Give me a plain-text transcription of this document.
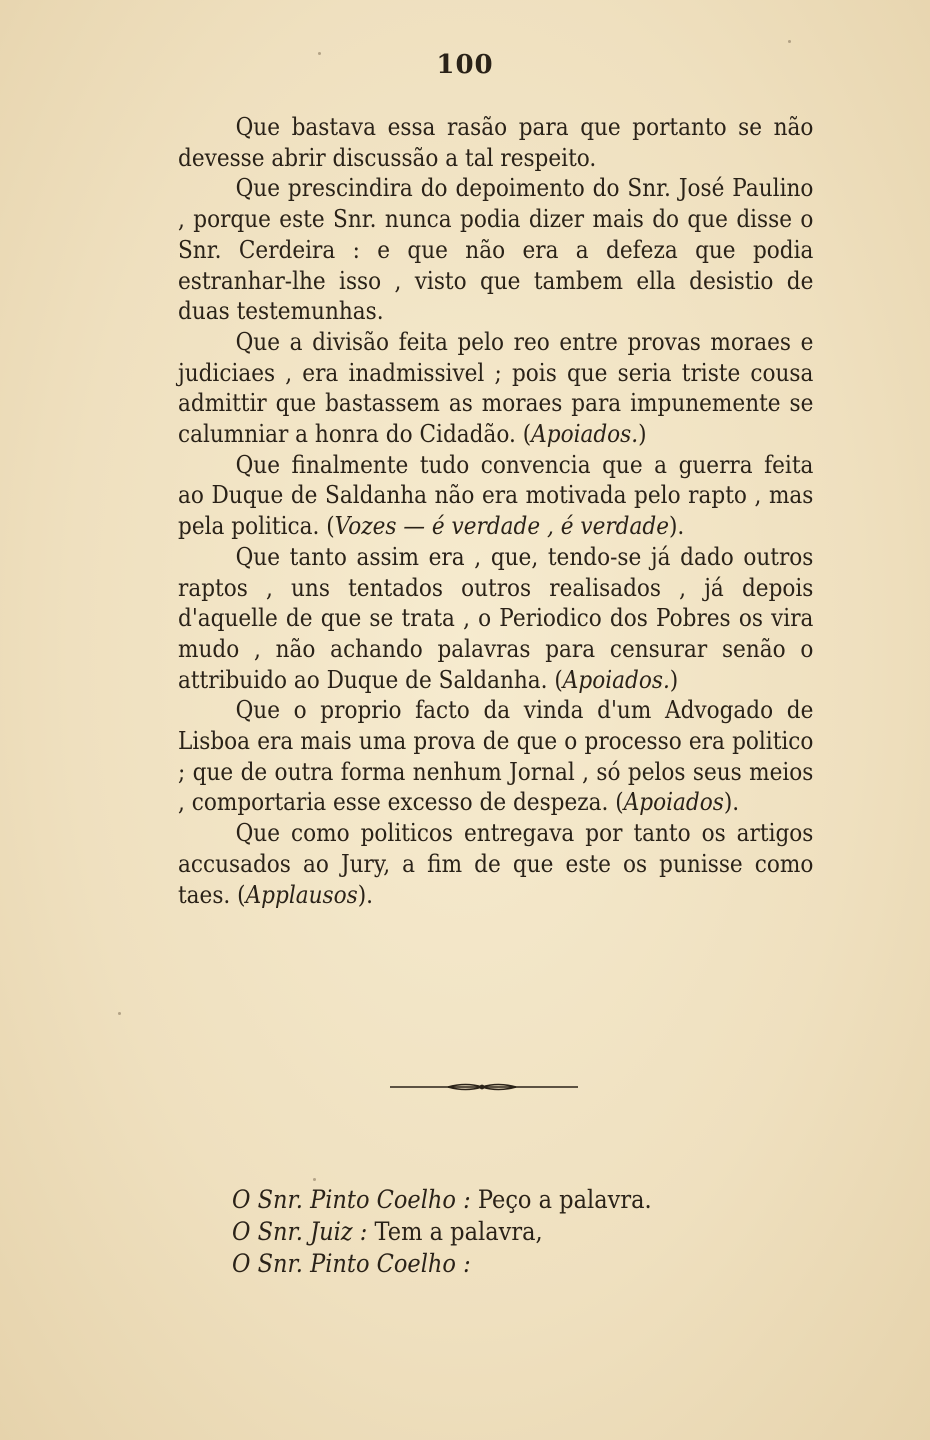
100

Que bastava essa rasão para que portanto se não devesse abrir discussão a tal respeito.

Que prescindira do depoimento do Snr. José Paulino , porque este Snr. nunca podia dizer mais do que disse o Snr. Cerdeira : e que não era a defeza que podia estranhar-lhe isso , visto que tambem ella desistio de duas testemunhas.

Que a divisão feita pelo reo entre provas moraes e judiciaes , era inadmissivel ; pois que seria triste cousa admittir que bastassem as moraes para impunemente se calumniar a honra do Cidadão. (Apoiados.)

Que finalmente tudo convencia que a guerra feita ao Duque de Saldanha não era motivada pelo rapto , mas pela politica. (Vozes — é verdade , é verdade).

Que tanto assim era , que, tendo-se já dado outros raptos , uns tentados outros realisados , já depois d'aquelle de que se trata , o Periodico dos Pobres os vira mudo , não achando palavras para censurar senão o attribuido ao Duque de Saldanha. (Apoiados.)

Que o proprio facto da vinda d'um Advogado de Lisboa era mais uma prova de que o processo era politico ; que de outra forma nenhum Jornal , só pelos seus meios , comportaria esse excesso de despeza. (Apoiados).

Que como politicos entregava por tanto os artigos accusados ao Jury, a fim de que este os punisse como taes. (Applausos).

O Snr. Pinto Coelho : Peço a palavra.
O Snr. Juiz : Tem a palavra,
O Snr. Pinto Coelho :
